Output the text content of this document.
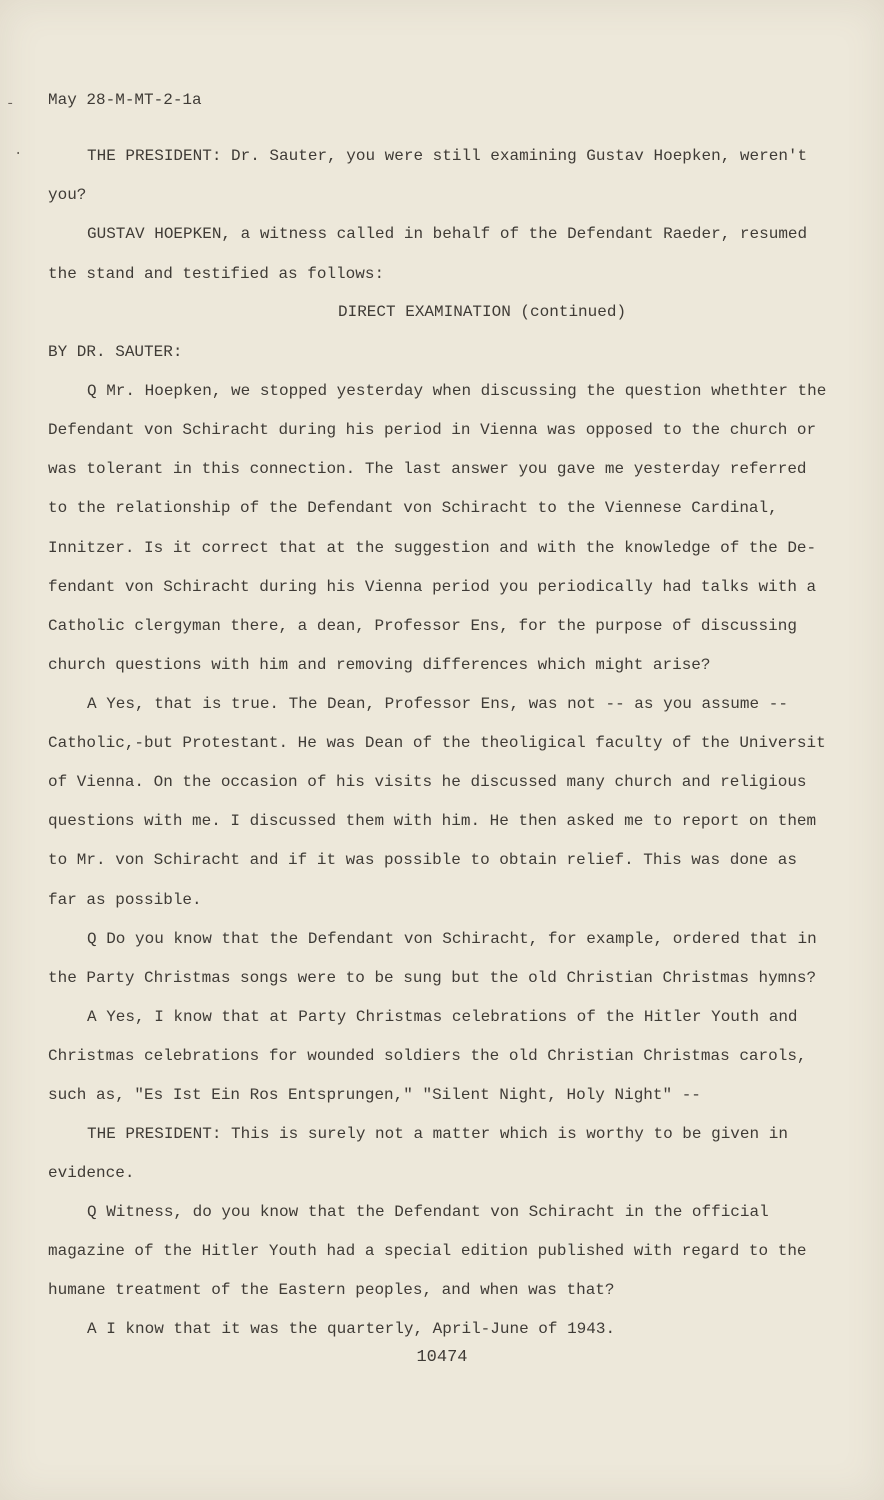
-
·

May 28-M-MT-2-1a

THE PRESIDENT: Dr. Sauter, you were still examining Gustav Hoepken, weren't

you?

GUSTAV HOEPKEN, a witness called in behalf of the Defendant Raeder, resumed

the stand and testified as follows:

DIRECT EXAMINATION (continued)

BY DR. SAUTER:

Q Mr. Hoepken, we stopped yesterday when discussing the question whethter the

Defendant von Schiracht during his period in Vienna was opposed to the church or

was tolerant in this connection. The last answer you gave me yesterday referred

to the relationship of the Defendant von Schiracht to the Viennese Cardinal,

Innitzer. Is it correct that at the suggestion and with the knowledge of the De-

fendant von Schiracht during his Vienna period you periodically had talks with a

Catholic clergyman there, a dean, Professor Ens, for the purpose of discussing

church questions with him and removing differences which might arise?

A Yes, that is true. The Dean, Professor Ens, was not -- as you assume --

Catholic,-but Protestant. He was Dean of the theoligical faculty of the Universit

of Vienna. On the occasion of his visits he discussed many church and religious

questions with me. I discussed them with him. He then asked me to report on them

to Mr. von Schiracht and if it was possible to obtain relief. This was done as

far as possible.

Q Do you know that the Defendant von Schiracht, for example, ordered that in

the Party Christmas songs were to be sung but the old Christian Christmas hymns?

A Yes, I know that at Party Christmas celebrations of the Hitler Youth and

Christmas celebrations for wounded soldiers the old Christian Christmas carols,

such as, "Es Ist Ein Ros Entsprungen," "Silent Night, Holy Night" --

THE PRESIDENT: This is surely not a matter which is worthy to be given in

evidence.

Q Witness, do you know that the Defendant von Schiracht in the official

magazine of the Hitler Youth had a special edition published with regard to the

humane treatment of the Eastern peoples, and when was that?

A I know that it was the quarterly, April-June of 1943.

10474
